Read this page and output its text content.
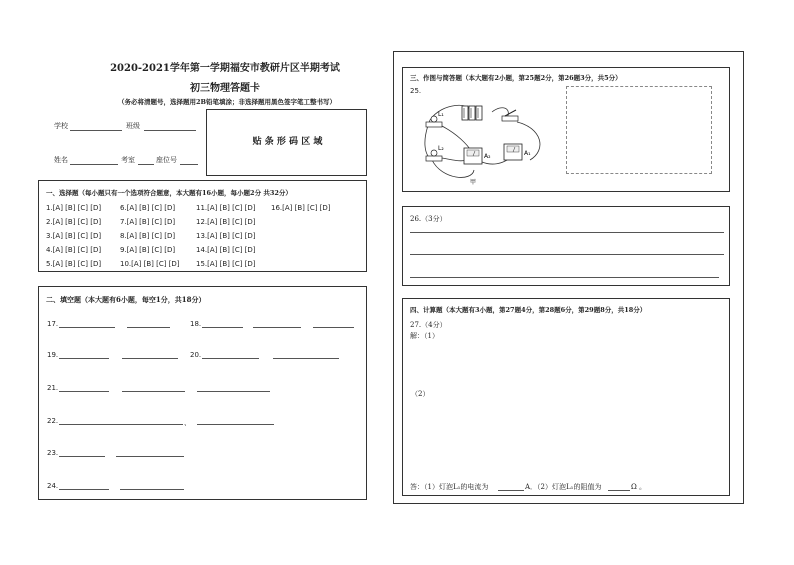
2020-2021学年第一学期福安市教研片区半期考试
初三物理答题卡
（务必将清题号，选择题用2B铅笔填涂；非选择题用黑色签字笔工整书写）
学校	班级
姓名	考室	座位号
贴 条 形 码 区 域
一、选择题（每小题只有一个选项符合题意，本大题有16小题，每小题2分 共32分）
1.[A] [B] [C] [D]	6.[A] [B] [C] [D]	11.[A] [B] [C] [D] 16.[A] [B] [C] [D]
2.[A] [B] [C] [D]	7.[A] [B] [C] [D]	12.[A] [B] [C] [D]
3.[A] [B] [C] [D]	8.[A] [B] [C] [D]	13.[A] [B] [C] [D]
4.[A] [B] [C] [D]	9.[A] [B] [C] [D]	14.[A] [B] [C] [D]
5.[A] [B] [C] [D]	10.[A] [B] [C] [D] 15.[A] [B] [C] [D]
二、填空题（本大题有6小题，每空1分，共18分）
17.	18.
19.	20.
21.
22.	、
23.
24.
三、作图与简答题（本大题有2小题，第25题2分，第26题3分，共5分）
25.
L₁
L₂
A₂	A₁
甲
26.（3分）
四、计算题（本大题有3小题，第27题4分，第28题6分，第29题8分，共18分）
27.（4分）
解：（1）
（2）
答：（1）灯泡L₁的电流为	A．（2）灯泡L₁的阻值为	Ω 。
